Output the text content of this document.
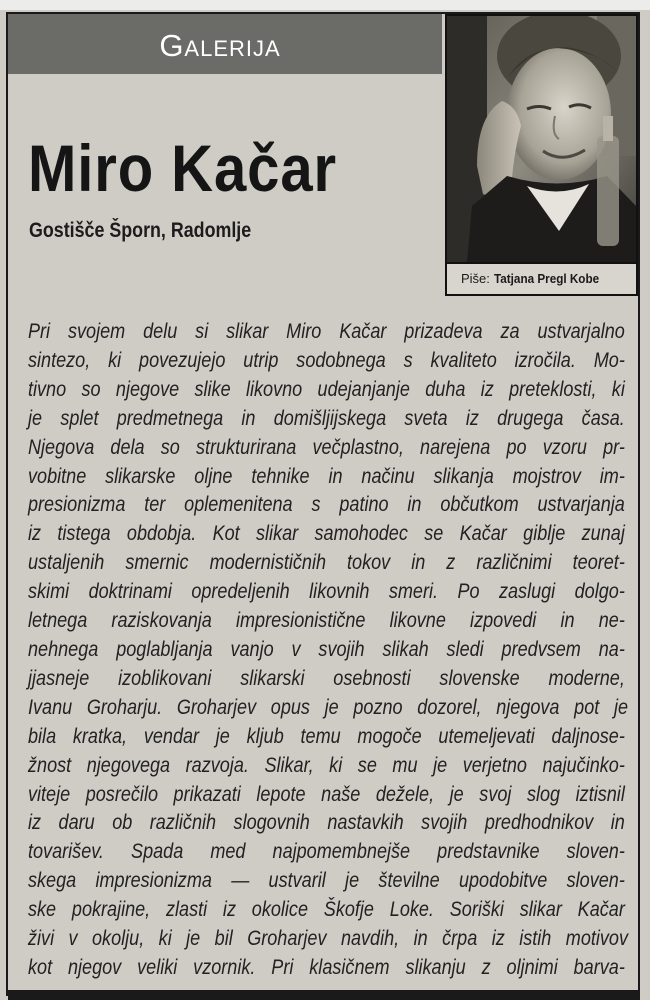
Galerija
Miro Kačar
Gostišče Šporn, Radomlje
Piše: Tatjana Pregl Kobe
Pri svojem delu si slikar Miro Kačar prizadeva za ustvarjalno
sintezo, ki povezujejo utrip sodobnega s kvaliteto izročila. Mo-
tivno so njegove slike likovno udejanjanje duha iz preteklosti, ki
je splet predmetnega in domišljijskega sveta iz drugega časa.
Njegova dela so strukturirana večplastno, narejena po vzoru pr-
vobitne slikarske oljne tehnike in načinu slikanja mojstrov im-
presionizma ter oplemenitena s patino in občutkom ustvarjanja
iz tistega obdobja. Kot slikar samohodec se Kačar giblje zunaj
ustaljenih smernic modernističnih tokov in z različnimi teoret-
skimi doktrinami opredeljenih likovnih smeri. Po zaslugi dolgo-
letnega raziskovanja impresionistične likovne izpovedi in ne-
nehnega poglabljanja vanjo v svojih slikah sledi predvsem na-
jjasneje izoblikovani slikarski osebnosti slovenske moderne,
Ivanu Groharju. Groharjev opus je pozno dozorel, njegova pot je
bila kratka, vendar je kljub temu mogoče utemeljevati daljnose-
žnost njegovega razvoja. Slikar, ki se mu je verjetno najučinko-
viteje posrečilo prikazati lepote naše dežele, je svoj slog iztisnil
iz daru ob različnih slogovnih nastavkih svojih predhodnikov in
tovarišev. Spada med najpomembnejše predstavnike sloven-
skega impresionizma — ustvaril je številne upodobitve sloven-
ske pokrajine, zlasti iz okolice Škofje Loke. Soriški slikar Kačar
živi v okolju, ki je bil Groharjev navdih, in črpa iz istih motivov
kot njegov veliki vzornik. Pri klasičnem slikanju z oljnimi barva-
